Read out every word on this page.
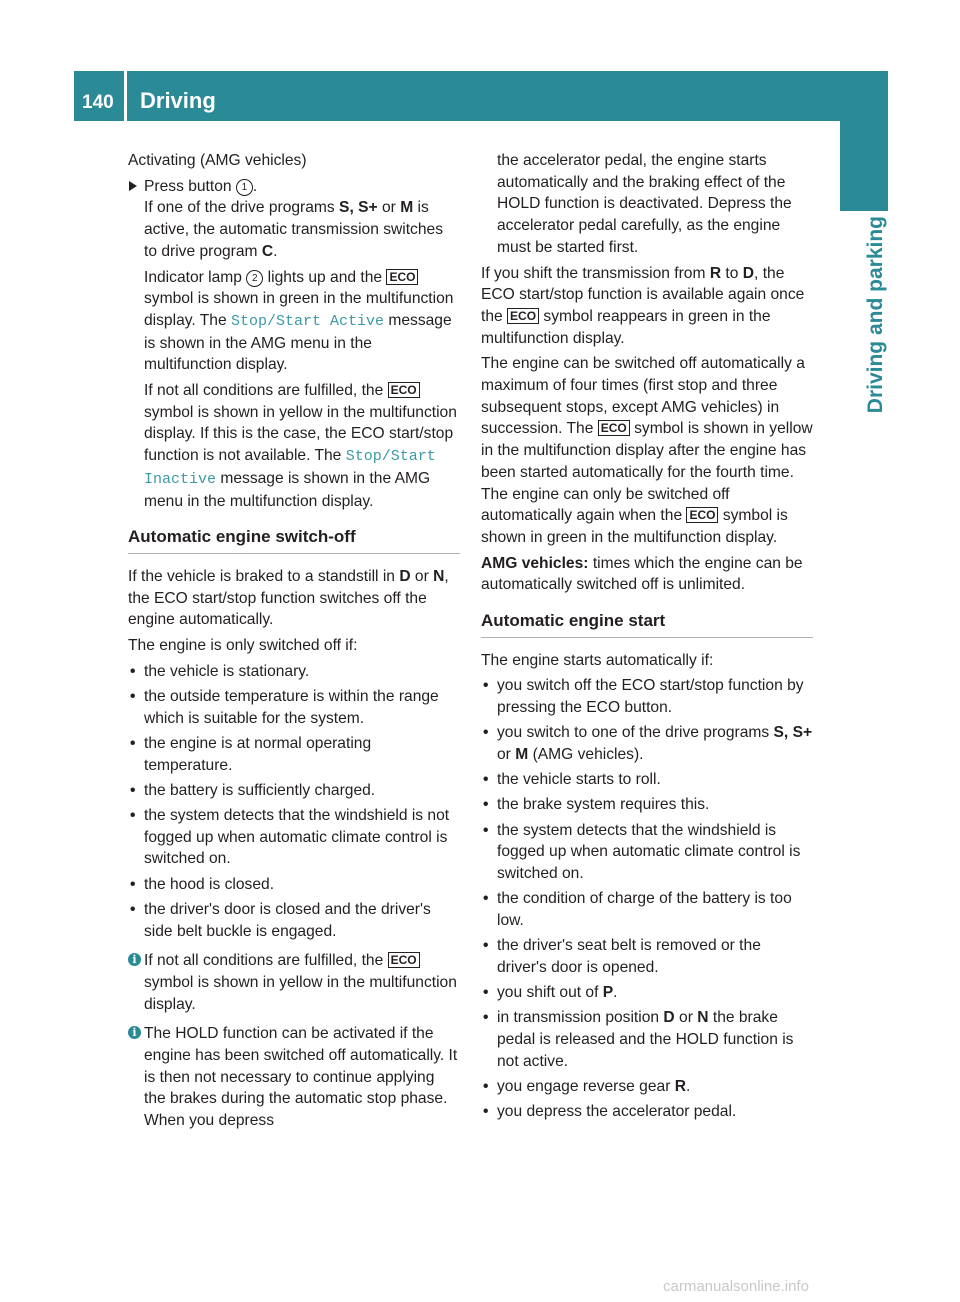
140 Driving
Driving and parking

Activating (AMG vehicles)

Press button 1 .
If one of the drive programs S, S+ or M is active, the automatic transmission switches to drive program C.

Indicator lamp 2 lights up and the ECO symbol is shown in green in the multifunction display. The Stop/Start Active message is shown in the AMG menu in the multifunction display.

If not all conditions are fulfilled, the ECO symbol is shown in yellow in the multifunction display. If this is the case, the ECO start/stop function is not available. The Stop/Start Inactive message is shown in the AMG menu in the multifunction display.

Automatic engine switch-off

If the vehicle is braked to a standstill in D or N, the ECO start/stop function switches off the engine automatically.

The engine is only switched off if:

• the vehicle is stationary.
• the outside temperature is within the range which is suitable for the system.
• the engine is at normal operating temperature.
• the battery is sufficiently charged.
• the system detects that the windshield is not fogged up when automatic climate control is switched on.
• the hood is closed.
• the driver's door is closed and the driver's side belt buckle is engaged.
i If not all conditions are fulfilled, the ECO symbol is shown in yellow in the multifunction display.
i The HOLD function can be activated if the engine has been switched off automatically. It is then not necessary to continue applying the brakes during the automatic stop phase. When you depress

the accelerator pedal, the engine starts automatically and the braking effect of the HOLD function is deactivated. Depress the accelerator pedal carefully, as the engine must be started first.

If you shift the transmission from R to D, the ECO start/stop function is available again once the ECO symbol reappears in green in the multifunction display.

The engine can be switched off automatically a maximum of four times (first stop and three subsequent stops, except AMG vehicles) in succession. The ECO symbol is shown in yellow in the multifunction display after the engine has been started automatically for the fourth time. The engine can only be switched off automatically again when the ECO symbol is shown in green in the multifunction display.

AMG vehicles: times which the engine can be automatically switched off is unlimited.

Automatic engine start

The engine starts automatically if:

• you switch off the ECO start/stop function by pressing the ECO button.
• you switch to one of the drive programs S, S+ or M (AMG vehicles).
• the vehicle starts to roll.
• the brake system requires this.
• the system detects that the windshield is fogged up when automatic climate control is switched on.
• the condition of charge of the battery is too low.
• the driver's seat belt is removed or the driver's door is opened.
• you shift out of P.
• in transmission position D or N the brake pedal is released and the HOLD function is not active.
• you engage reverse gear R.
• you depress the accelerator pedal.
carmanualsonline.info
